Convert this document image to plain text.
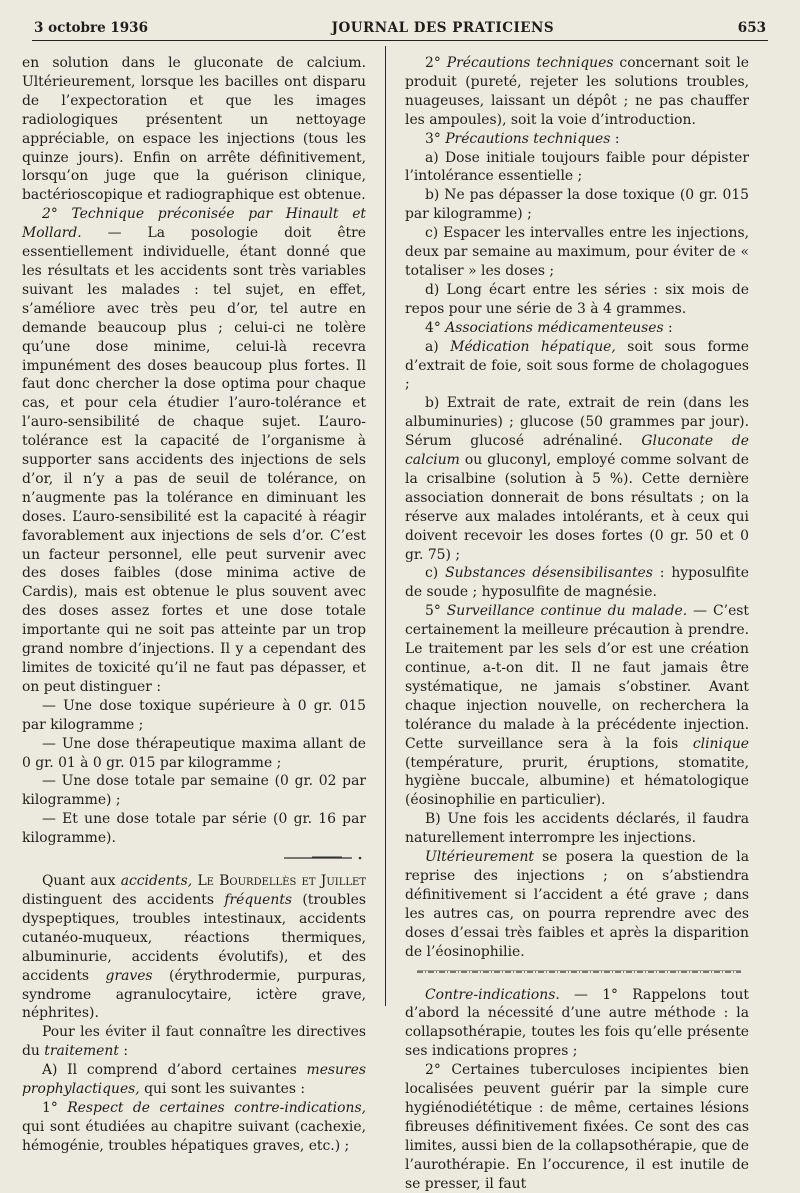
3 octobre 1936	JOURNAL DES PRATICIENS	653

en solution dans le gluconate de calcium. Ultérieurement, lorsque les bacilles ont disparu de l’expectoration et que les images radiologiques présentent un nettoyage appréciable, on espace les injections (tous les quinze jours). Enfin on arrête définitivement, lorsqu’on juge que la guérison clinique, bactérioscopique et radiographique est obtenue.

2° Technique préconisée par Hinault et Mollard. — La posologie doit être essentiellement individuelle, étant donné que les résultats et les accidents sont très variables suivant les malades : tel sujet, en effet, s’améliore avec très peu d’or, tel autre en demande beaucoup plus ; celui-ci ne tolère qu’une dose minime, celui-là recevra impunément des doses beaucoup plus fortes. Il faut donc chercher la dose optima pour chaque cas, et pour cela étudier l’auro-tolérance et l’auro-sensibilité de chaque sujet. L’auro-tolérance est la capacité de l’organisme à supporter sans accidents des injections de sels d’or, il n’y a pas de seuil de tolérance, on n’augmente pas la tolérance en diminuant les doses. L’auro-sensibilité est la capacité à réagir favorablement aux injections de sels d’or. C’est un facteur personnel, elle peut survenir avec des doses faibles (dose minima active de Cardis), mais est obtenue le plus souvent avec des doses assez fortes et une dose totale importante qui ne soit pas atteinte par un trop grand nombre d’injections. Il y a cependant des limites de toxicité qu’il ne faut pas dépasser, et on peut distinguer :

— Une dose toxique supérieure à 0 gr. 015 par kilogramme ;

— Une dose thérapeutique maxima allant de 0 gr. 01 à 0 gr. 015 par kilogramme ;

— Une dose totale par semaine (0 gr. 02 par kilogramme) ;

— Et une dose totale par série (0 gr. 16 par kilogramme).

Quant aux accidents, Le Bourdellès et Juillet distinguent des accidents fréquents (troubles dyspeptiques, troubles intestinaux, accidents cutanéo-muqueux, réactions thermiques, albuminurie, accidents évolutifs), et des accidents graves (érythrodermie, purpuras, syndrome agranulocytaire, ictère grave, néphrites).

Pour les éviter il faut connaître les directives du traitement :

A) Il comprend d’abord certaines mesures prophylactiques, qui sont les suivantes :

1° Respect de certaines contre-indications, qui sont étudiées au chapitre suivant (cachexie, hémogénie, troubles hépatiques graves, etc.) ;

2° Précautions techniques concernant soit le produit (pureté, rejeter les solutions troubles, nuageuses, laissant un dépôt ; ne pas chauffer les ampoules), soit la voie d’introduction.

3° Précautions techniques :

a) Dose initiale toujours faible pour dépister l’intolérance essentielle ;

b) Ne pas dépasser la dose toxique (0 gr. 015 par kilogramme) ;

c) Espacer les intervalles entre les injections, deux par semaine au maximum, pour éviter de « totaliser » les doses ;

d) Long écart entre les séries : six mois de repos pour une série de 3 à 4 grammes.

4° Associations médicamenteuses :

a) Médication hépatique, soit sous forme d’extrait de foie, soit sous forme de cholagogues ;

b) Extrait de rate, extrait de rein (dans les albuminuries) ; glucose (50 grammes par jour). Sérum glucosé adrénaliné. Gluconate de calcium ou gluconyl, employé comme solvant de la crisalbine (solution à 5 %). Cette dernière association donnerait de bons résultats ; on la réserve aux malades intolérants, et à ceux qui doivent recevoir les doses fortes (0 gr. 50 et 0 gr. 75) ;

c) Substances désensibilisantes : hyposulfite de soude ; hyposulfite de magnésie.

5° Surveillance continue du malade. — C’est certainement la meilleure précaution à prendre. Le traitement par les sels d’or est une création continue, a-t-on dit. Il ne faut jamais être systématique, ne jamais s’obstiner. Avant chaque injection nouvelle, on recherchera la tolérance du malade à la précédente injection. Cette surveillance sera à la fois clinique (température, prurit, éruptions, stomatite, hygiène buccale, albumine) et hématologique (éosinophilie en particulier).

B) Une fois les accidents déclarés, il faudra naturellement interrompre les injections.

Ultérieurement se posera la question de la reprise des injections ; on s’abstiendra définitivement si l’accident a été grave ; dans les autres cas, on pourra reprendre avec des doses d’essai très faibles et après la disparition de l’éosinophilie.

Contre-indications. — 1° Rappelons tout d’abord la nécessité d’une autre méthode : la collapsothérapie, toutes les fois qu’elle présente ses indications propres ;

2° Certaines tuberculoses incipientes bien localisées peuvent guérir par la simple cure hygiénodiététique : de même, certaines lésions fibreuses définitivement fixées. Ce sont des cas limites, aussi bien de la collapsothérapie, que de l’aurothérapie. En l’occurence, il est inutile de se presser, il faut
